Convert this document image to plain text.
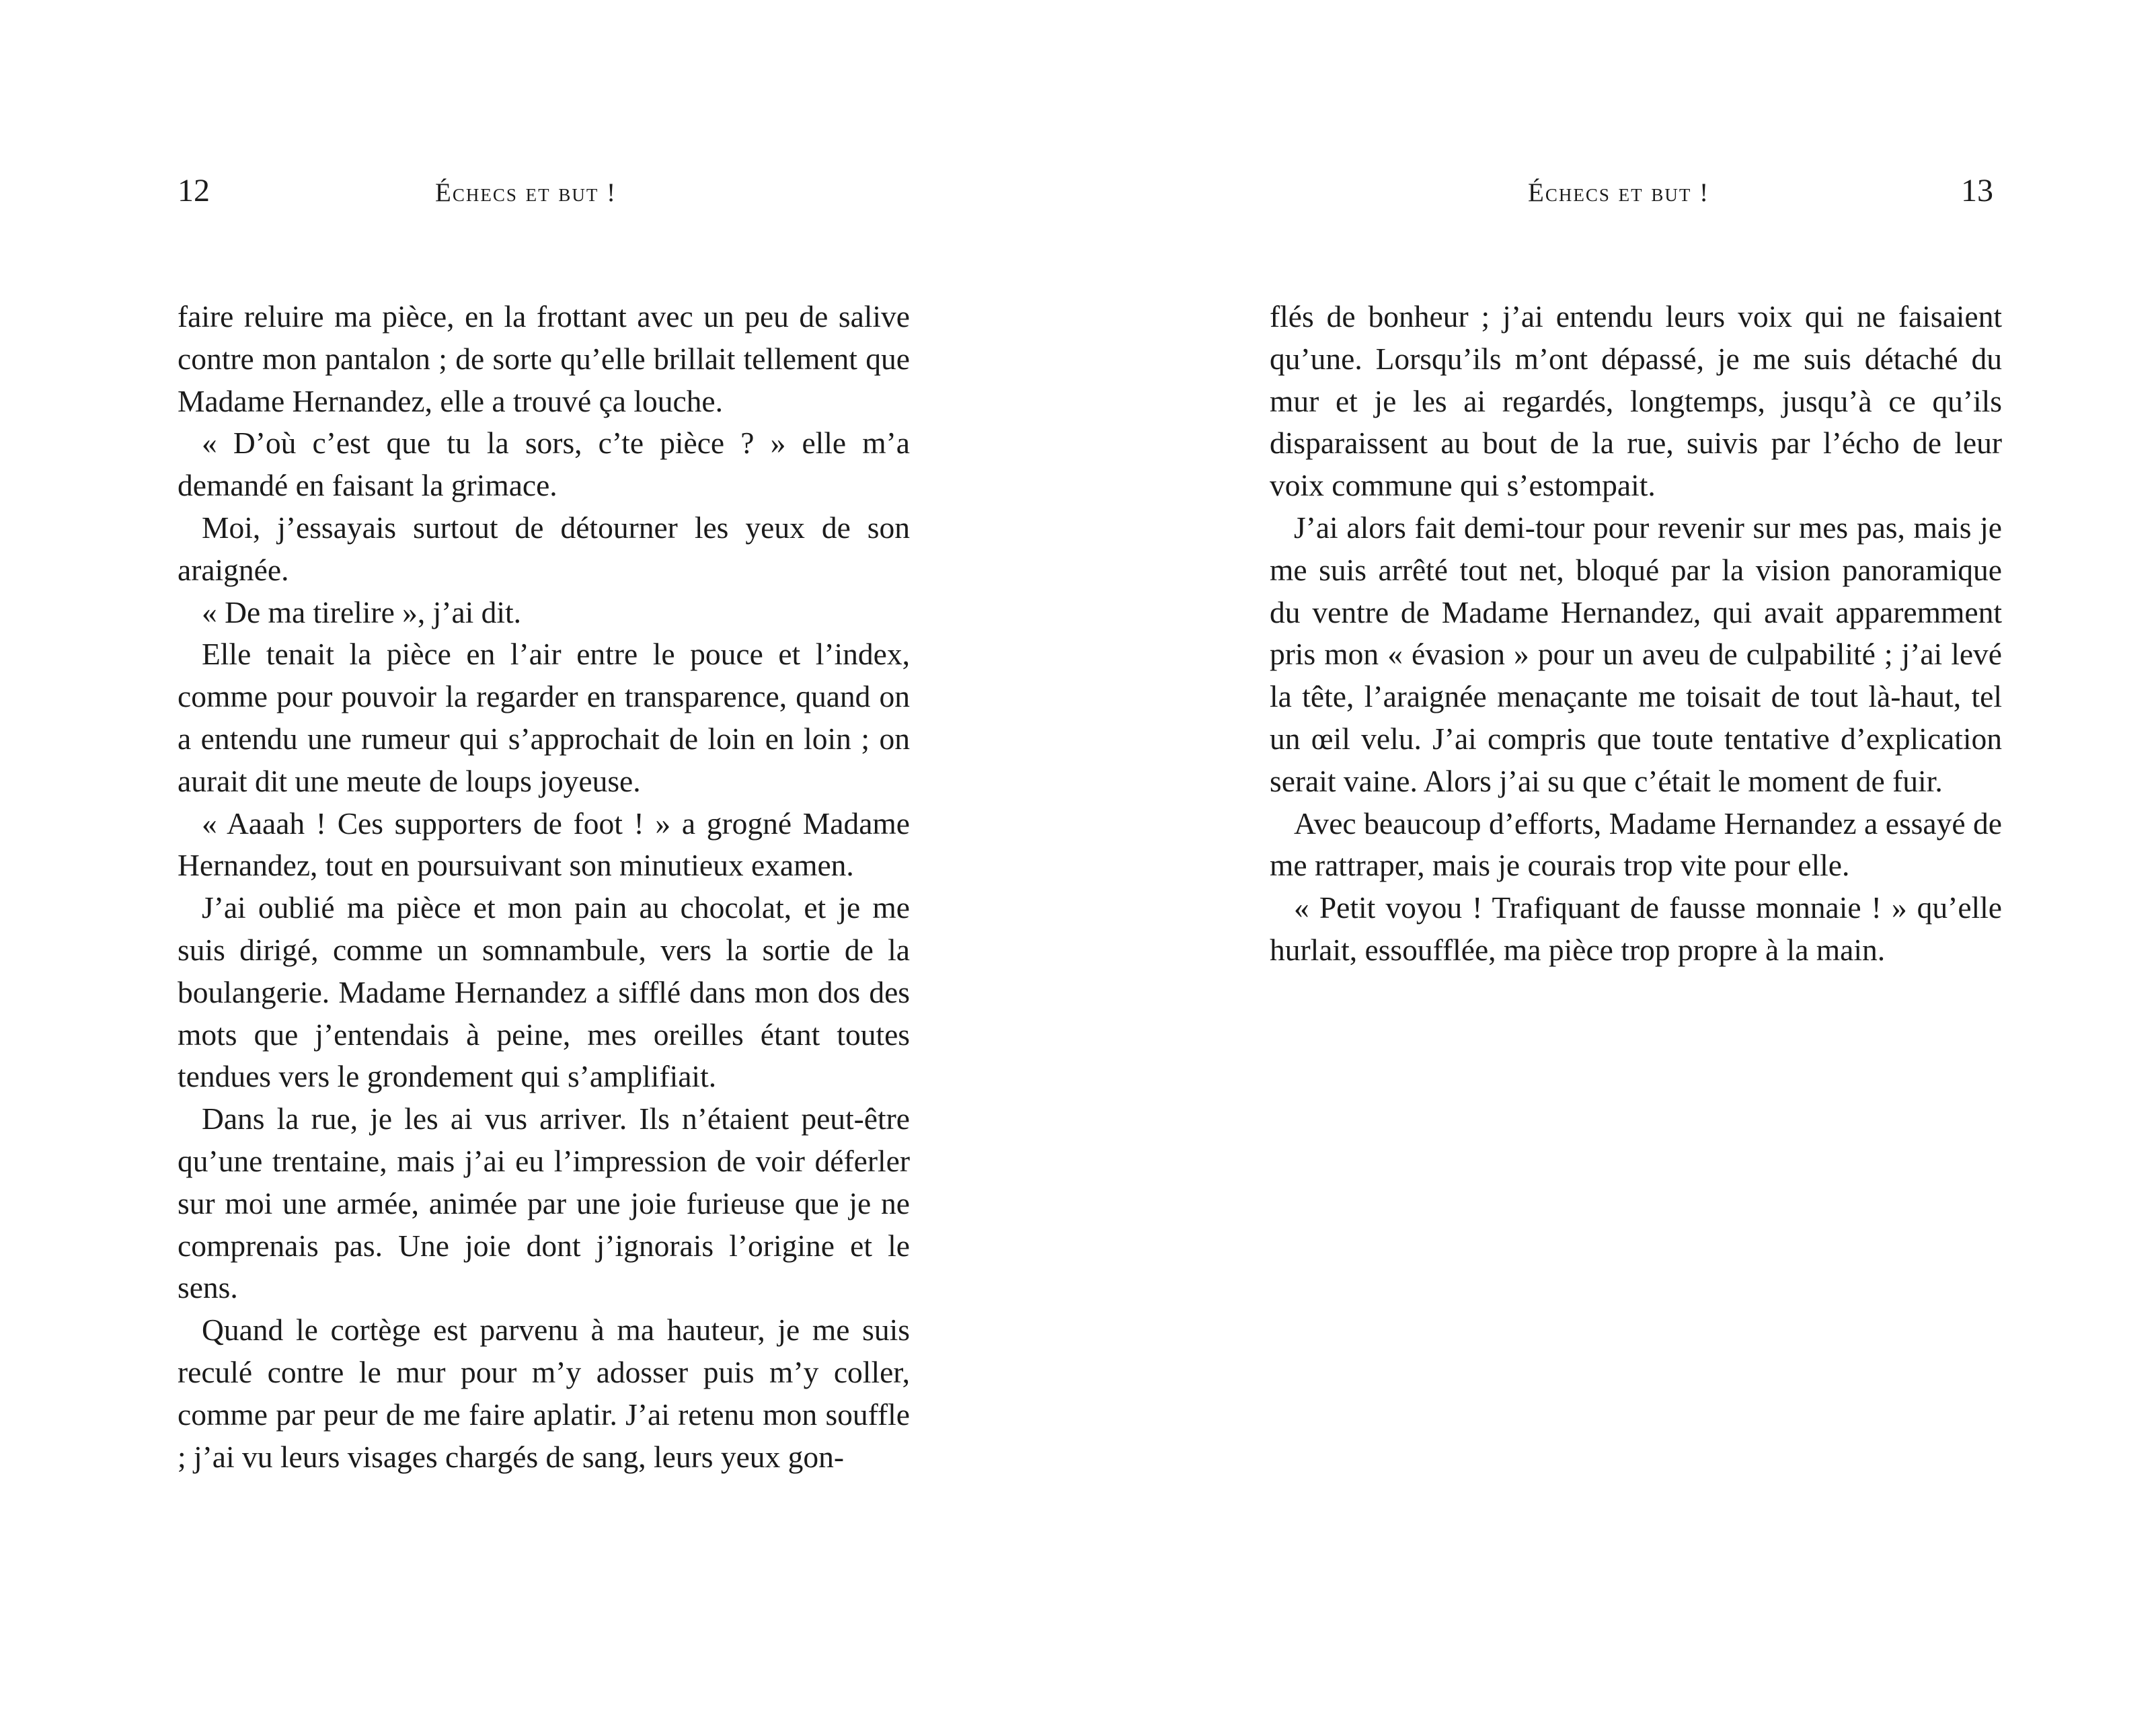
12	Échecs et but !

faire reluire ma pièce, en la frottant avec un peu de salive contre mon pantalon ; de sorte qu’elle brillait tellement que Madame Hernandez, elle a trouvé ça louche.

« D’où c’est que tu la sors, c’te pièce ? » elle m’a demandé en faisant la grimace.

Moi, j’essayais surtout de détourner les yeux de son araignée.

« De ma tirelire », j’ai dit.

Elle tenait la pièce en l’air entre le pouce et l’index, comme pour pouvoir la regarder en transparence, quand on a entendu une rumeur qui s’approchait de loin en loin ; on aurait dit une meute de loups joyeuse.

« Aaaah ! Ces supporters de foot ! » a grogné Madame Hernandez, tout en poursuivant son minutieux examen.

J’ai oublié ma pièce et mon pain au chocolat, et je me suis dirigé, comme un somnambule, vers la sortie de la boulangerie. Madame Hernandez a sifflé dans mon dos des mots que j’entendais à peine, mes oreilles étant toutes tendues vers le grondement qui s’amplifiait.

Dans la rue, je les ai vus arriver. Ils n’étaient peut-être qu’une trentaine, mais j’ai eu l’impression de voir déferler sur moi une armée, animée par une joie furieuse que je ne comprenais pas. Une joie dont j’ignorais l’origine et le sens.

Quand le cortège est parvenu à ma hauteur, je me suis reculé contre le mur pour m’y adosser puis m’y coller, comme par peur de me faire aplatir. J’ai retenu mon souffle ; j’ai vu leurs visages chargés de sang, leurs yeux gon-

Échecs et but !	13

flés de bonheur ; j’ai entendu leurs voix qui ne faisaient qu’une. Lorsqu’ils m’ont dépassé, je me suis détaché du mur et je les ai regardés, longtemps, jusqu’à ce qu’ils disparaissent au bout de la rue, suivis par l’écho de leur voix commune qui s’estompait.

J’ai alors fait demi-tour pour revenir sur mes pas, mais je me suis arrêté tout net, bloqué par la vision panoramique du ventre de Madame Hernandez, qui avait apparemment pris mon « évasion » pour un aveu de culpabilité ; j’ai levé la tête, l’araignée menaçante me toisait de tout là-haut, tel un œil velu. J’ai compris que toute tentative d’explication serait vaine. Alors j’ai su que c’était le moment de fuir.

Avec beaucoup d’efforts, Madame Hernandez a essayé de me rattraper, mais je courais trop vite pour elle.

« Petit voyou ! Trafiquant de fausse monnaie ! » qu’elle hurlait, essoufflée, ma pièce trop propre à la main.
